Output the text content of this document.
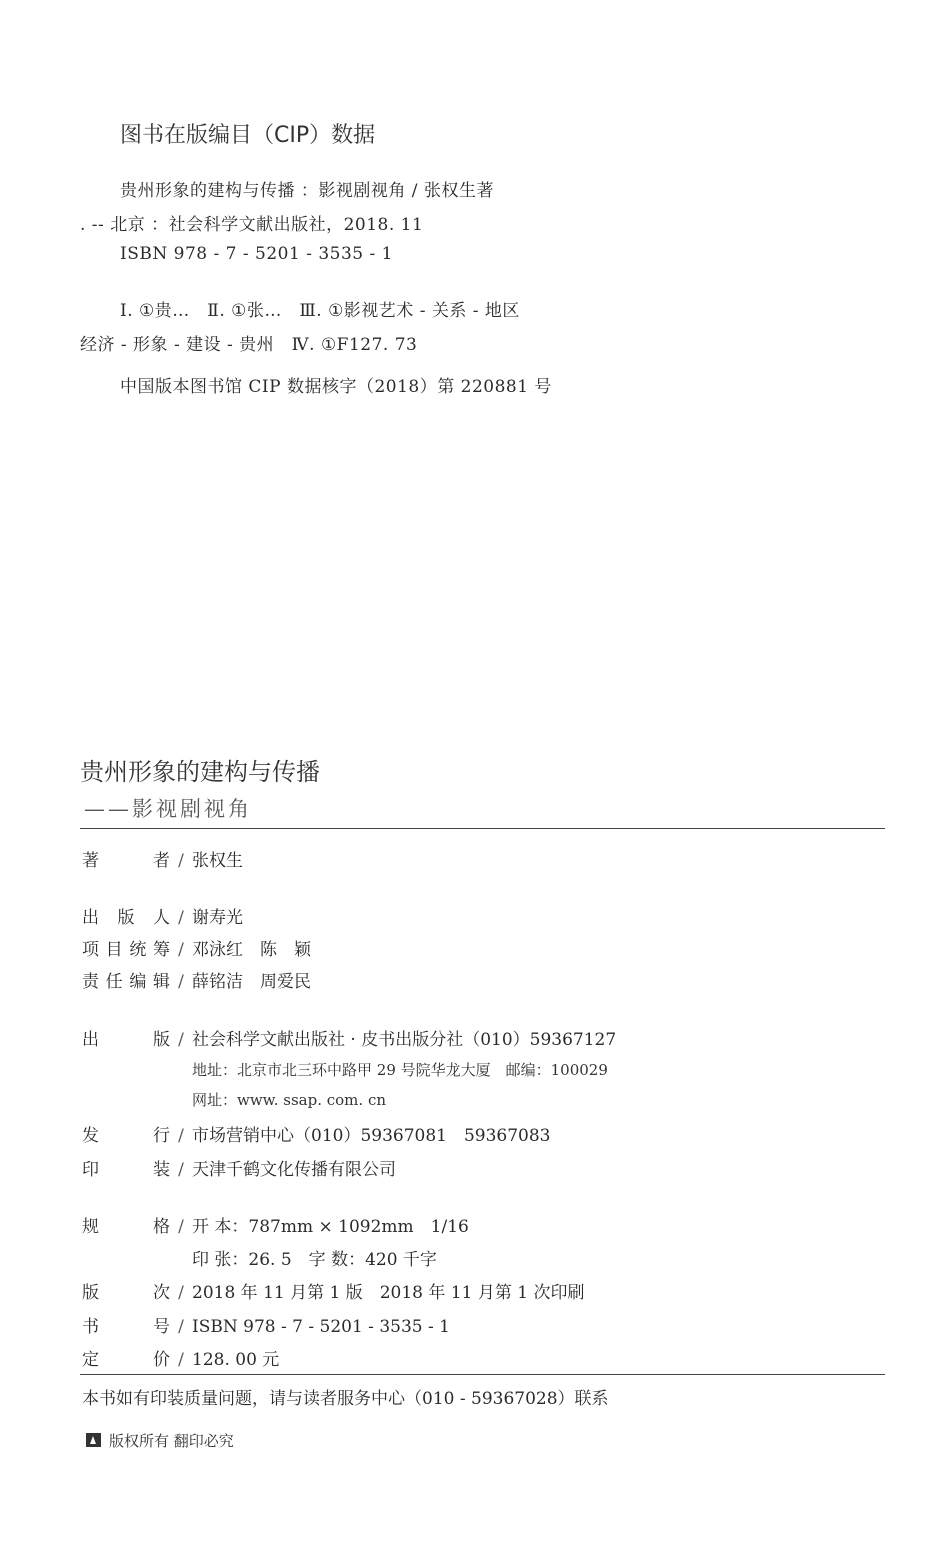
图书在版编目（CIP）数据
贵州形象的建构与传播 ：影视剧视角 / 张权生著
. -- 北京 ：社会科学文献出版社，2018. 11
ISBN 978 - 7 - 5201 - 3535 - 1
Ⅰ. ①贵…　Ⅱ. ①张…　Ⅲ. ①影视艺术 - 关系 - 地区
经济 - 形象 - 建设 - 贵州　Ⅳ. ①F127. 73
中国版本图书馆 CIP 数据核字（2018）第 220881 号
贵州形象的建构与传播
——影视剧视角
著者 / 张权生
出版人 / 谢寿光
项目统筹 / 邓泳红　陈　颖
责任编辑 / 薛铭洁　周爱民
出版 / 社会科学文献出版社 · 皮书出版分社（010）59367127
地址：北京市北三环中路甲 29 号院华龙大厦　邮编：100029
网址：www. ssap. com. cn
发行 / 市场营销中心（010）59367081　59367083
印装 / 天津千鹤文化传播有限公司
规格 / 开 本：787mm × 1092mm　1/16
印 张：26. 5　字 数：420 千字
版次 / 2018 年 11 月第 1 版　2018 年 11 月第 1 次印刷
书号 / ISBN 978 - 7 - 5201 - 3535 - 1
定价 / 128. 00 元
本书如有印装质量问题，请与读者服务中心（010 - 59367028）联系
版权所有 翻印必究
